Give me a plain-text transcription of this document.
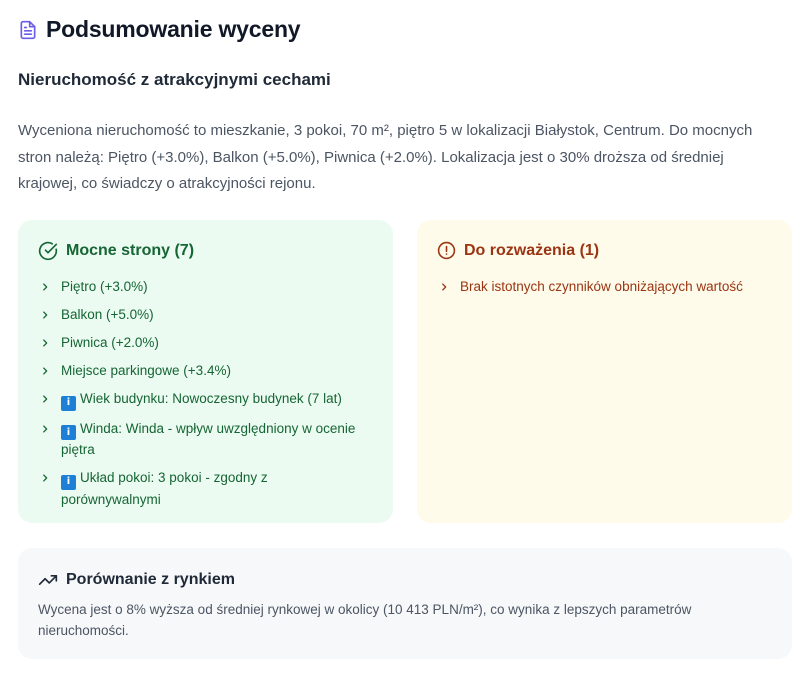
Podsumowanie wyceny
Nieruchomość z atrakcyjnymi cechami

Wyceniona nieruchomość to mieszkanie, 3 pokoi, 70 m², piętro 5 w lokalizacji Białystok, Centrum. Do mocnych stron należą: Piętro (+3.0%), Balkon (+5.0%), Piwnica (+2.0%). Lokalizacja jest o 30% droższa od średniej krajowej, co świadczy o atrakcyjności rejonu.

Mocne strony (7)
Piętro (+3.0%)
Balkon (+5.0%)
Piwnica (+2.0%)
Miejsce parkingowe (+3.4%)
i Wiek budynku: Nowoczesny budynek (7 lat)
i Winda: Winda - wpływ uwzględniony w ocenie piętra
i Układ pokoi: 3 pokoi - zgodny z porównywalnymi
Do rozważenia (1)
Brak istotnych czynników obniżających wartość
Porównanie z rynkiem

Wycena jest o 8% wyższa od średniej rynkowej w okolicy (10 413 PLN/m²), co wynika z lepszych parametrów nieruchomości.
